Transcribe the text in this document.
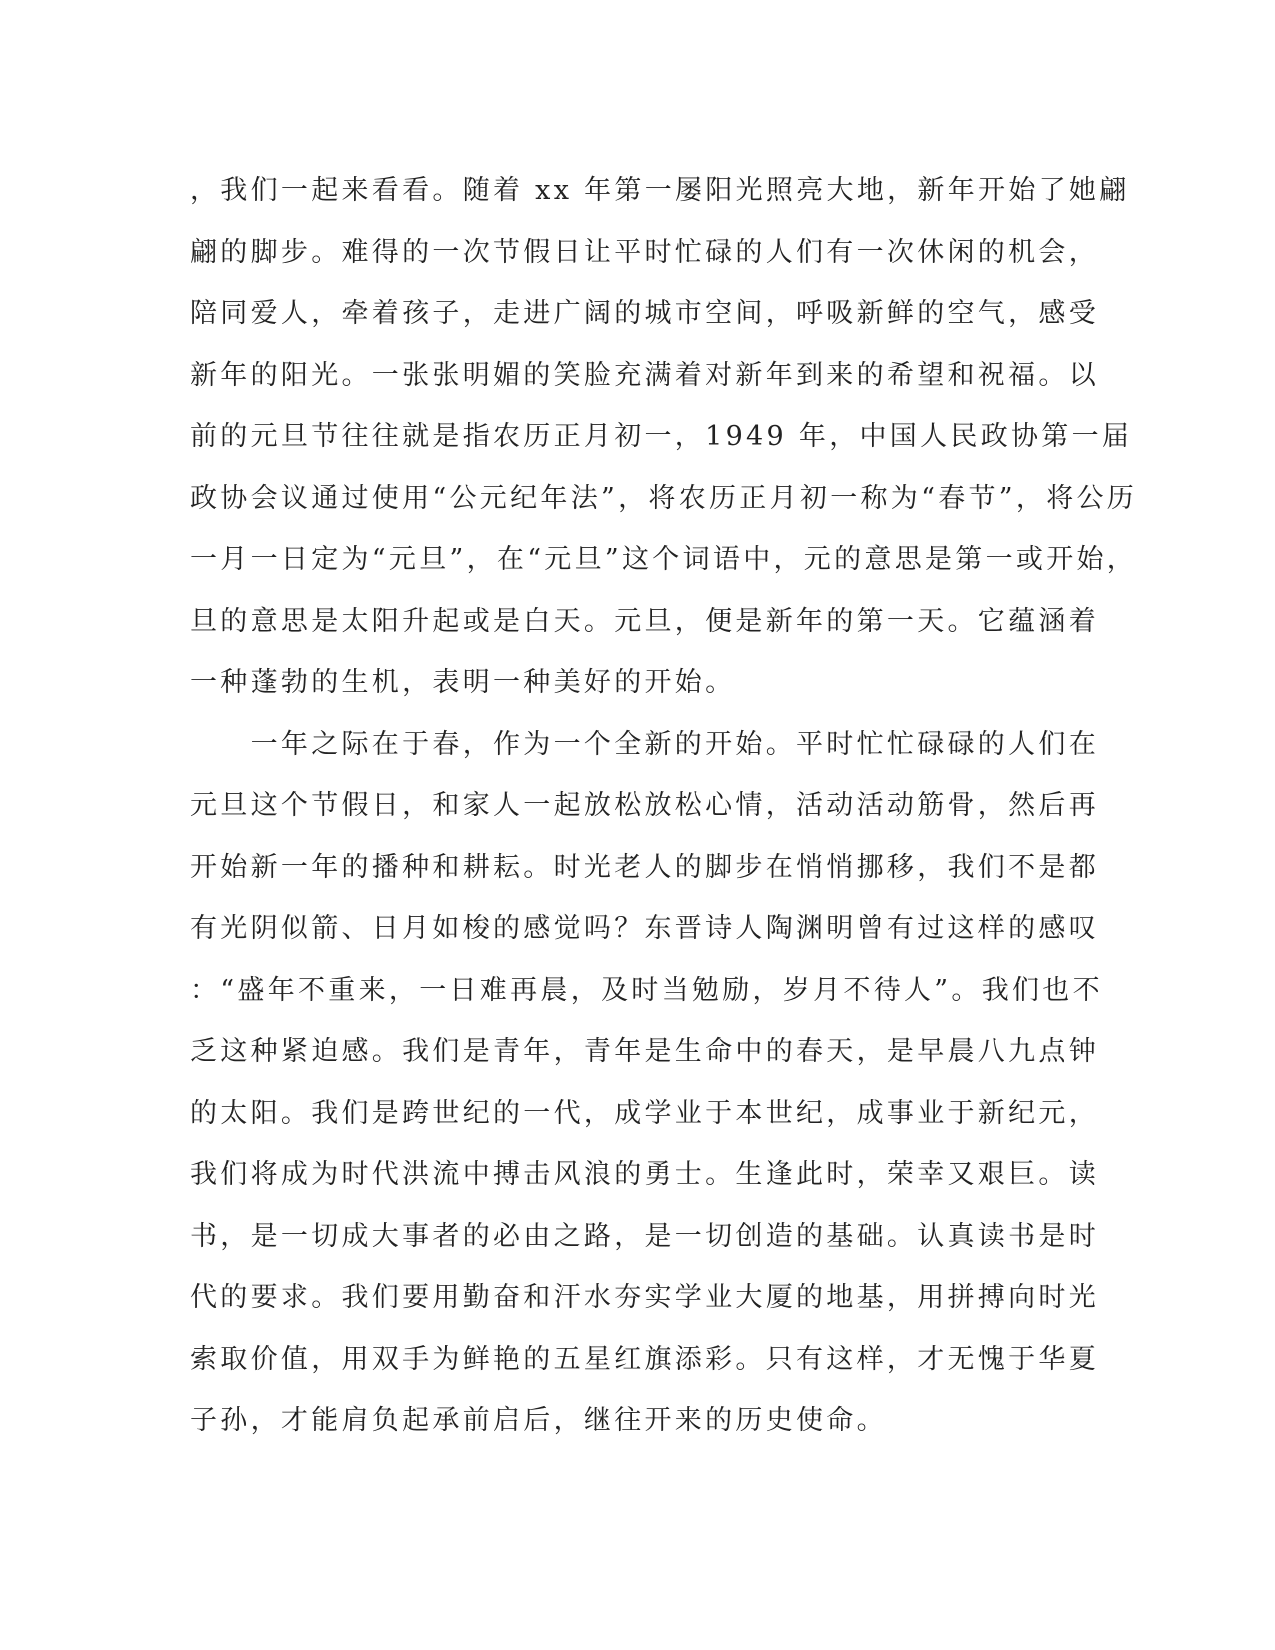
，我们一起来看看。随着 xx 年第一屡阳光照亮大地，新年开始了她翩
翩的脚步。难得的一次节假日让平时忙碌的人们有一次休闲的机会，
陪同爱人，牵着孩子，走进广阔的城市空间，呼吸新鲜的空气，感受
新年的阳光。一张张明媚的笑脸充满着对新年到来的希望和祝福。以
前的元旦节往往就是指农历正月初一，1949 年，中国人民政协第一届
政协会议通过使用“公元纪年法”，将农历正月初一称为“春节”，将公历
一月一日定为“元旦”，在“元旦”这个词语中，元的意思是第一或开始，
旦的意思是太阳升起或是白天。元旦，便是新年的第一天。它蕴涵着
一种蓬勃的生机，表明一种美好的开始。
　　一年之际在于春，作为一个全新的开始。平时忙忙碌碌的人们在
元旦这个节假日，和家人一起放松放松心情，活动活动筋骨，然后再
开始新一年的播种和耕耘。时光老人的脚步在悄悄挪移，我们不是都
有光阴似箭、日月如梭的感觉吗？东晋诗人陶渊明曾有过这样的感叹
：“盛年不重来，一日难再晨，及时当勉励，岁月不待人”。我们也不
乏这种紧迫感。我们是青年，青年是生命中的春天，是早晨八九点钟
的太阳。我们是跨世纪的一代，成学业于本世纪，成事业于新纪元，
我们将成为时代洪流中搏击风浪的勇士。生逢此时，荣幸又艰巨。读
书，是一切成大事者的必由之路，是一切创造的基础。认真读书是时
代的要求。我们要用勤奋和汗水夯实学业大厦的地基，用拼搏向时光
索取价值，用双手为鲜艳的五星红旗添彩。只有这样，才无愧于华夏
子孙，才能肩负起承前启后，继往开来的历史使命。
